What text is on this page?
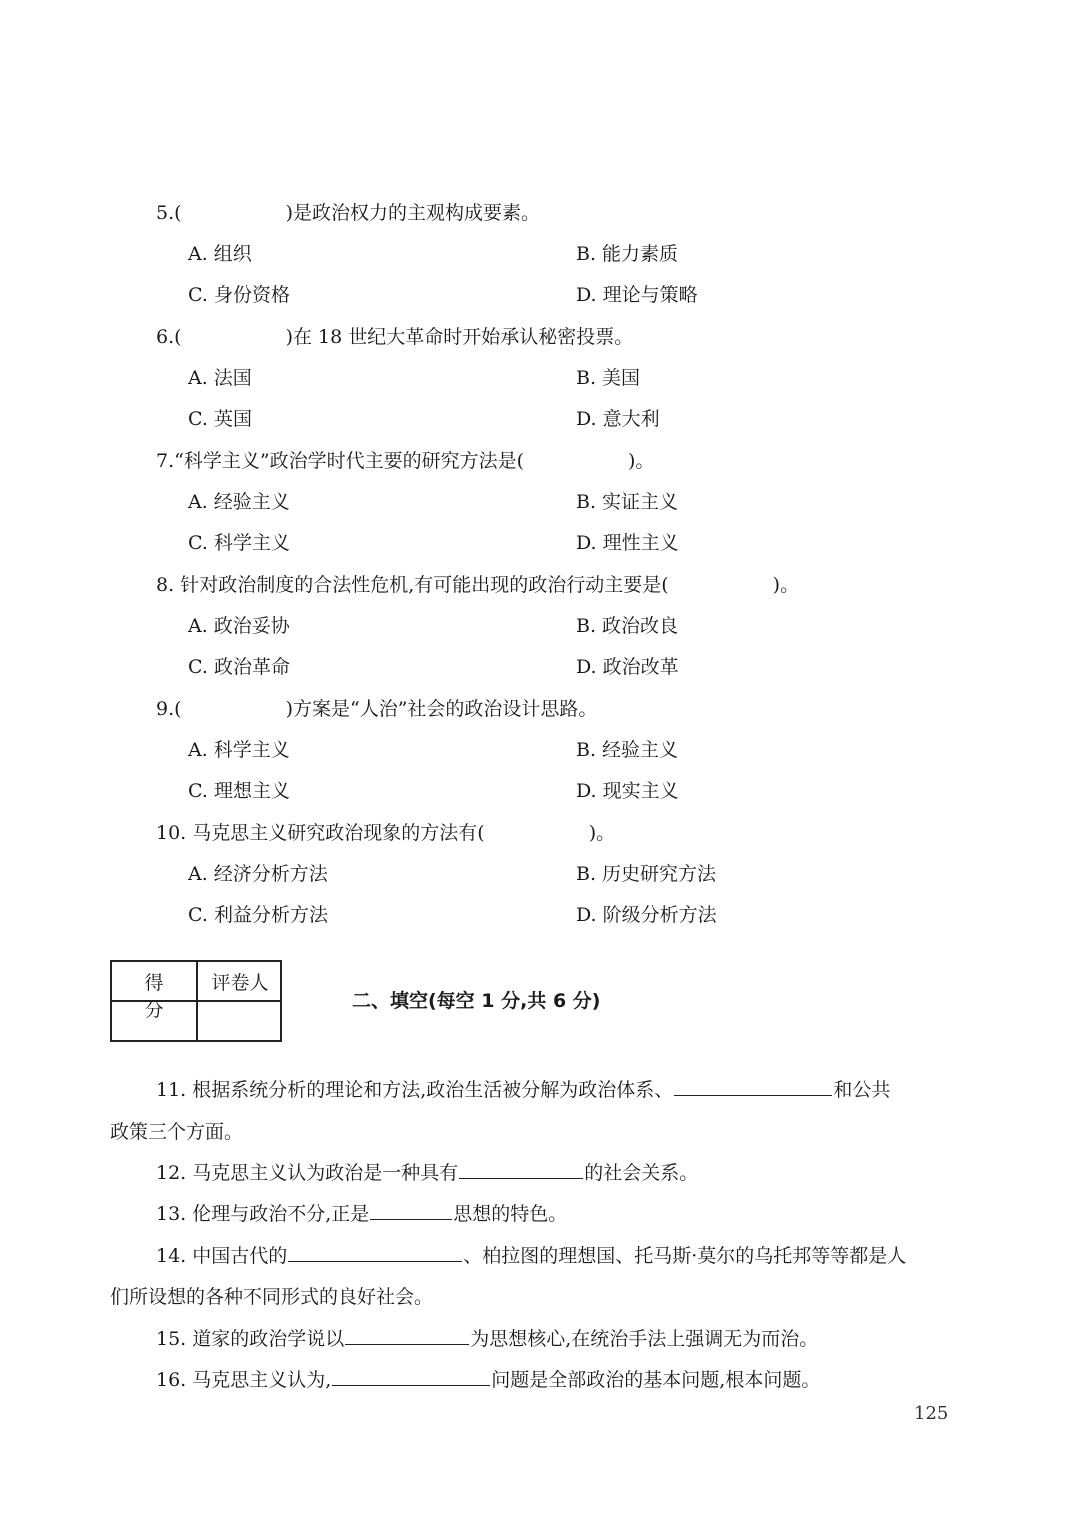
5.(	)是政治权力的主观构成要素。
A. 组织	B. 能力素质
C. 身份资格	D. 理论与策略
6.(	)在 18 世纪大革命时开始承认秘密投票。
A. 法国	B. 美国
C. 英国	D. 意大利
7.“科学主义”政治学时代主要的研究方法是(	)。
A. 经验主义	B. 实证主义
C. 科学主义	D. 理性主义
8. 针对政治制度的合法性危机,有可能出现的政治行动主要是(	)。
A. 政治妥协	B. 政治改良
C. 政治革命	D. 政治改革
9.(	)方案是“人治”社会的政治设计思路。
A. 科学主义	B. 经验主义
C. 理想主义	D. 现实主义
10. 马克思主义研究政治现象的方法有(	)。
A. 经济分析方法	B. 历史研究方法
C. 利益分析方法	D. 阶级分析方法
得分
评卷人
二、填空(每空 1 分,共 6 分)
11. 根据系统分析的理论和方法,政治生活被分解为政治体系、	和公共
政策三个方面。
12. 马克思主义认为政治是一种具有	的社会关系。
13. 伦理与政治不分,正是	思想的特色。
14. 中国古代的	、柏拉图的理想国、托马斯·莫尔的乌托邦等等都是人
们所设想的各种不同形式的良好社会。
15. 道家的政治学说以	为思想核心,在统治手法上强调无为而治。
16. 马克思主义认为,	问题是全部政治的基本问题,根本问题。
125
